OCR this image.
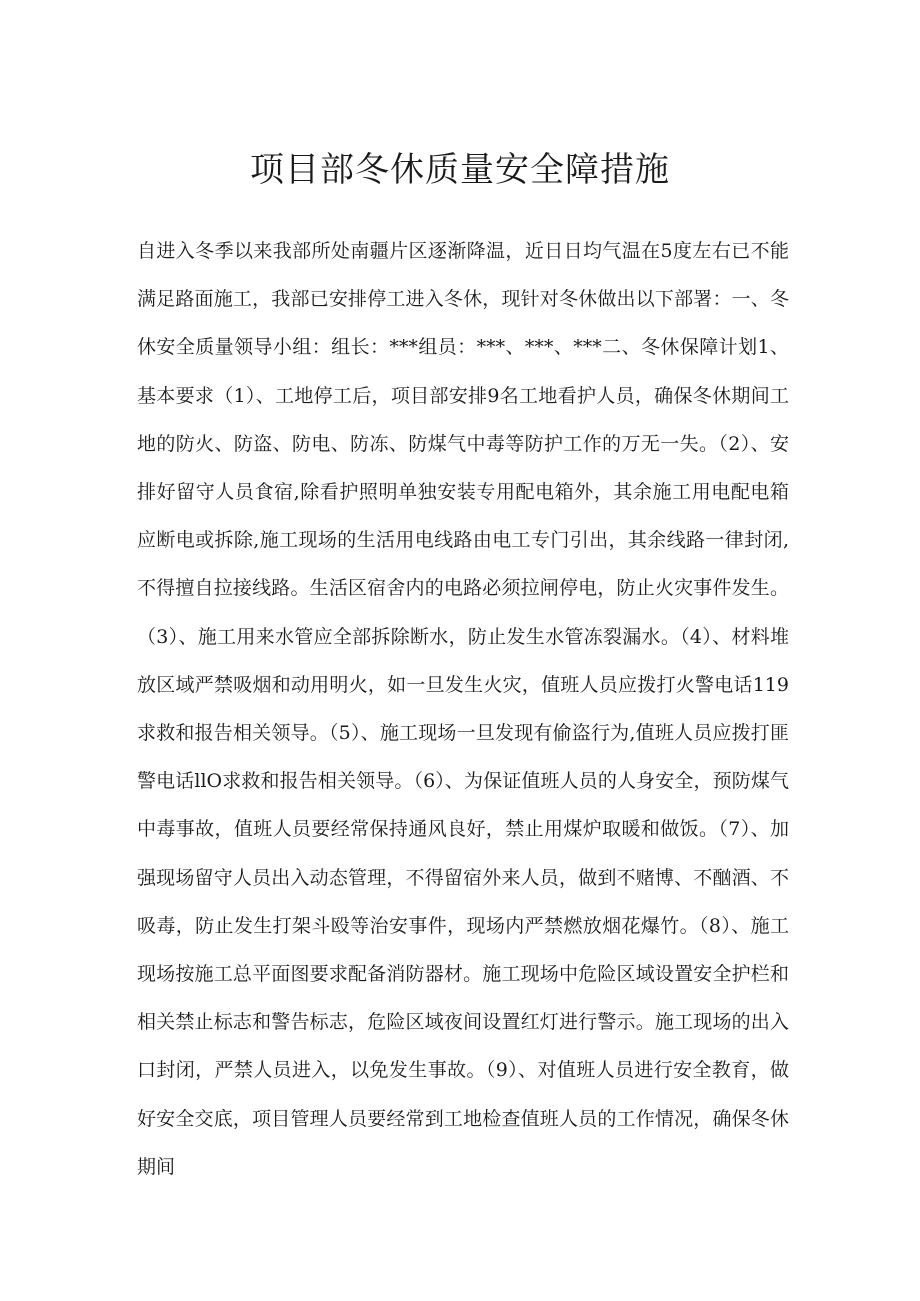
项目部冬休质量安全障措施

自进入冬季以来我部所处南疆片区逐渐降温，近日日均气温在5度左右已不能满足路面施工，我部已安排停工进入冬休，现针对冬休做出以下部署：一、冬休安全质量领导小组：组长：***组员：***、***、***二、冬休保障计划1、基本要求（1）、工地停工后，项目部安排9名工地看护人员，确保冬休期间工地的防火、防盗、防电、防冻、防煤气中毒等防护工作的万无一失。（2）、安排好留守人员食宿,除看护照明单独安装专用配电箱外，其余施工用电配电箱应断电或拆除,施工现场的生活用电线路由电工专门引出，其余线路一律封闭,不得擅自拉接线路。生活区宿舍内的电路必须拉闸停电，防止火灾事件发生。（3）、施工用来水管应全部拆除断水，防止发生水管冻裂漏水。（4）、材料堆放区域严禁吸烟和动用明火，如一旦发生火灾，值班人员应拨打火警电话119求救和报告相关领导。（5）、施工现场一旦发现有偷盗行为,值班人员应拨打匪警电话llO求救和报告相关领导。（6）、为保证值班人员的人身安全，预防煤气中毒事故，值班人员要经常保持通风良好，禁止用煤炉取暖和做饭。（7）、加强现场留守人员出入动态管理，不得留宿外来人员，做到不赌博、不酗酒、不吸毒，防止发生打架斗殴等治安事件，现场内严禁燃放烟花爆竹。（8）、施工现场按施工总平面图要求配备消防器材。施工现场中危险区域设置安全护栏和相关禁止标志和警告标志，危险区域夜间设置红灯进行警示。施工现场的出入口封闭，严禁人员进入，以免发生事故。（9）、对值班人员进行安全教育，做好安全交底，项目管理人员要经常到工地检查值班人员的工作情况，确保冬休期间
